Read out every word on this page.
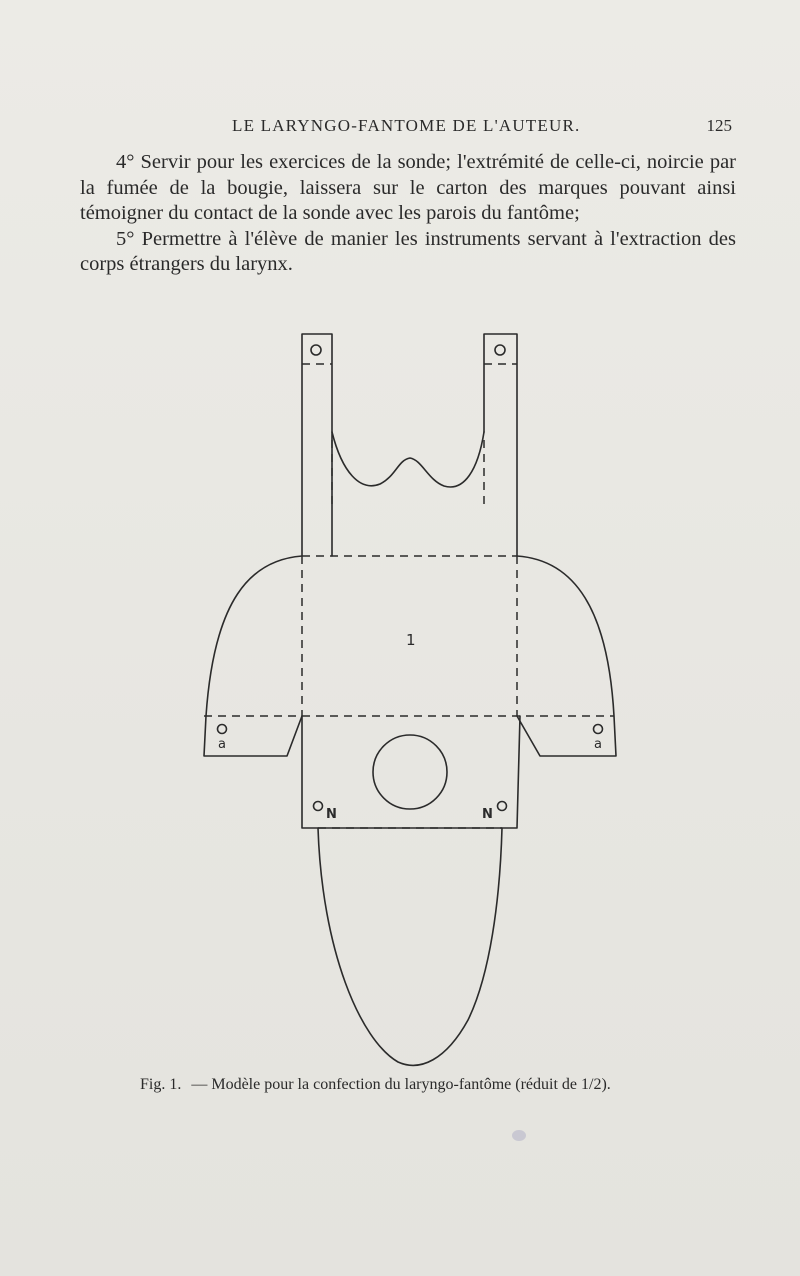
LE LARYNGO-FANTOME DE L'AUTEUR.	125

4° Servir pour les exercices de la sonde; l'extrémité de celle-ci, noircie par la fumée de la bougie, laissera sur le carton des marques pouvant ainsi témoigner du contact de la sonde avec les parois du fantôme;

5° Permettre à l'élève de manier les instruments servant à l'extraction des corps étrangers du larynx.

1
a	a
N	N
Fig. 1. — Modèle pour la confection du laryngo-fantôme (réduit de 1/2).
